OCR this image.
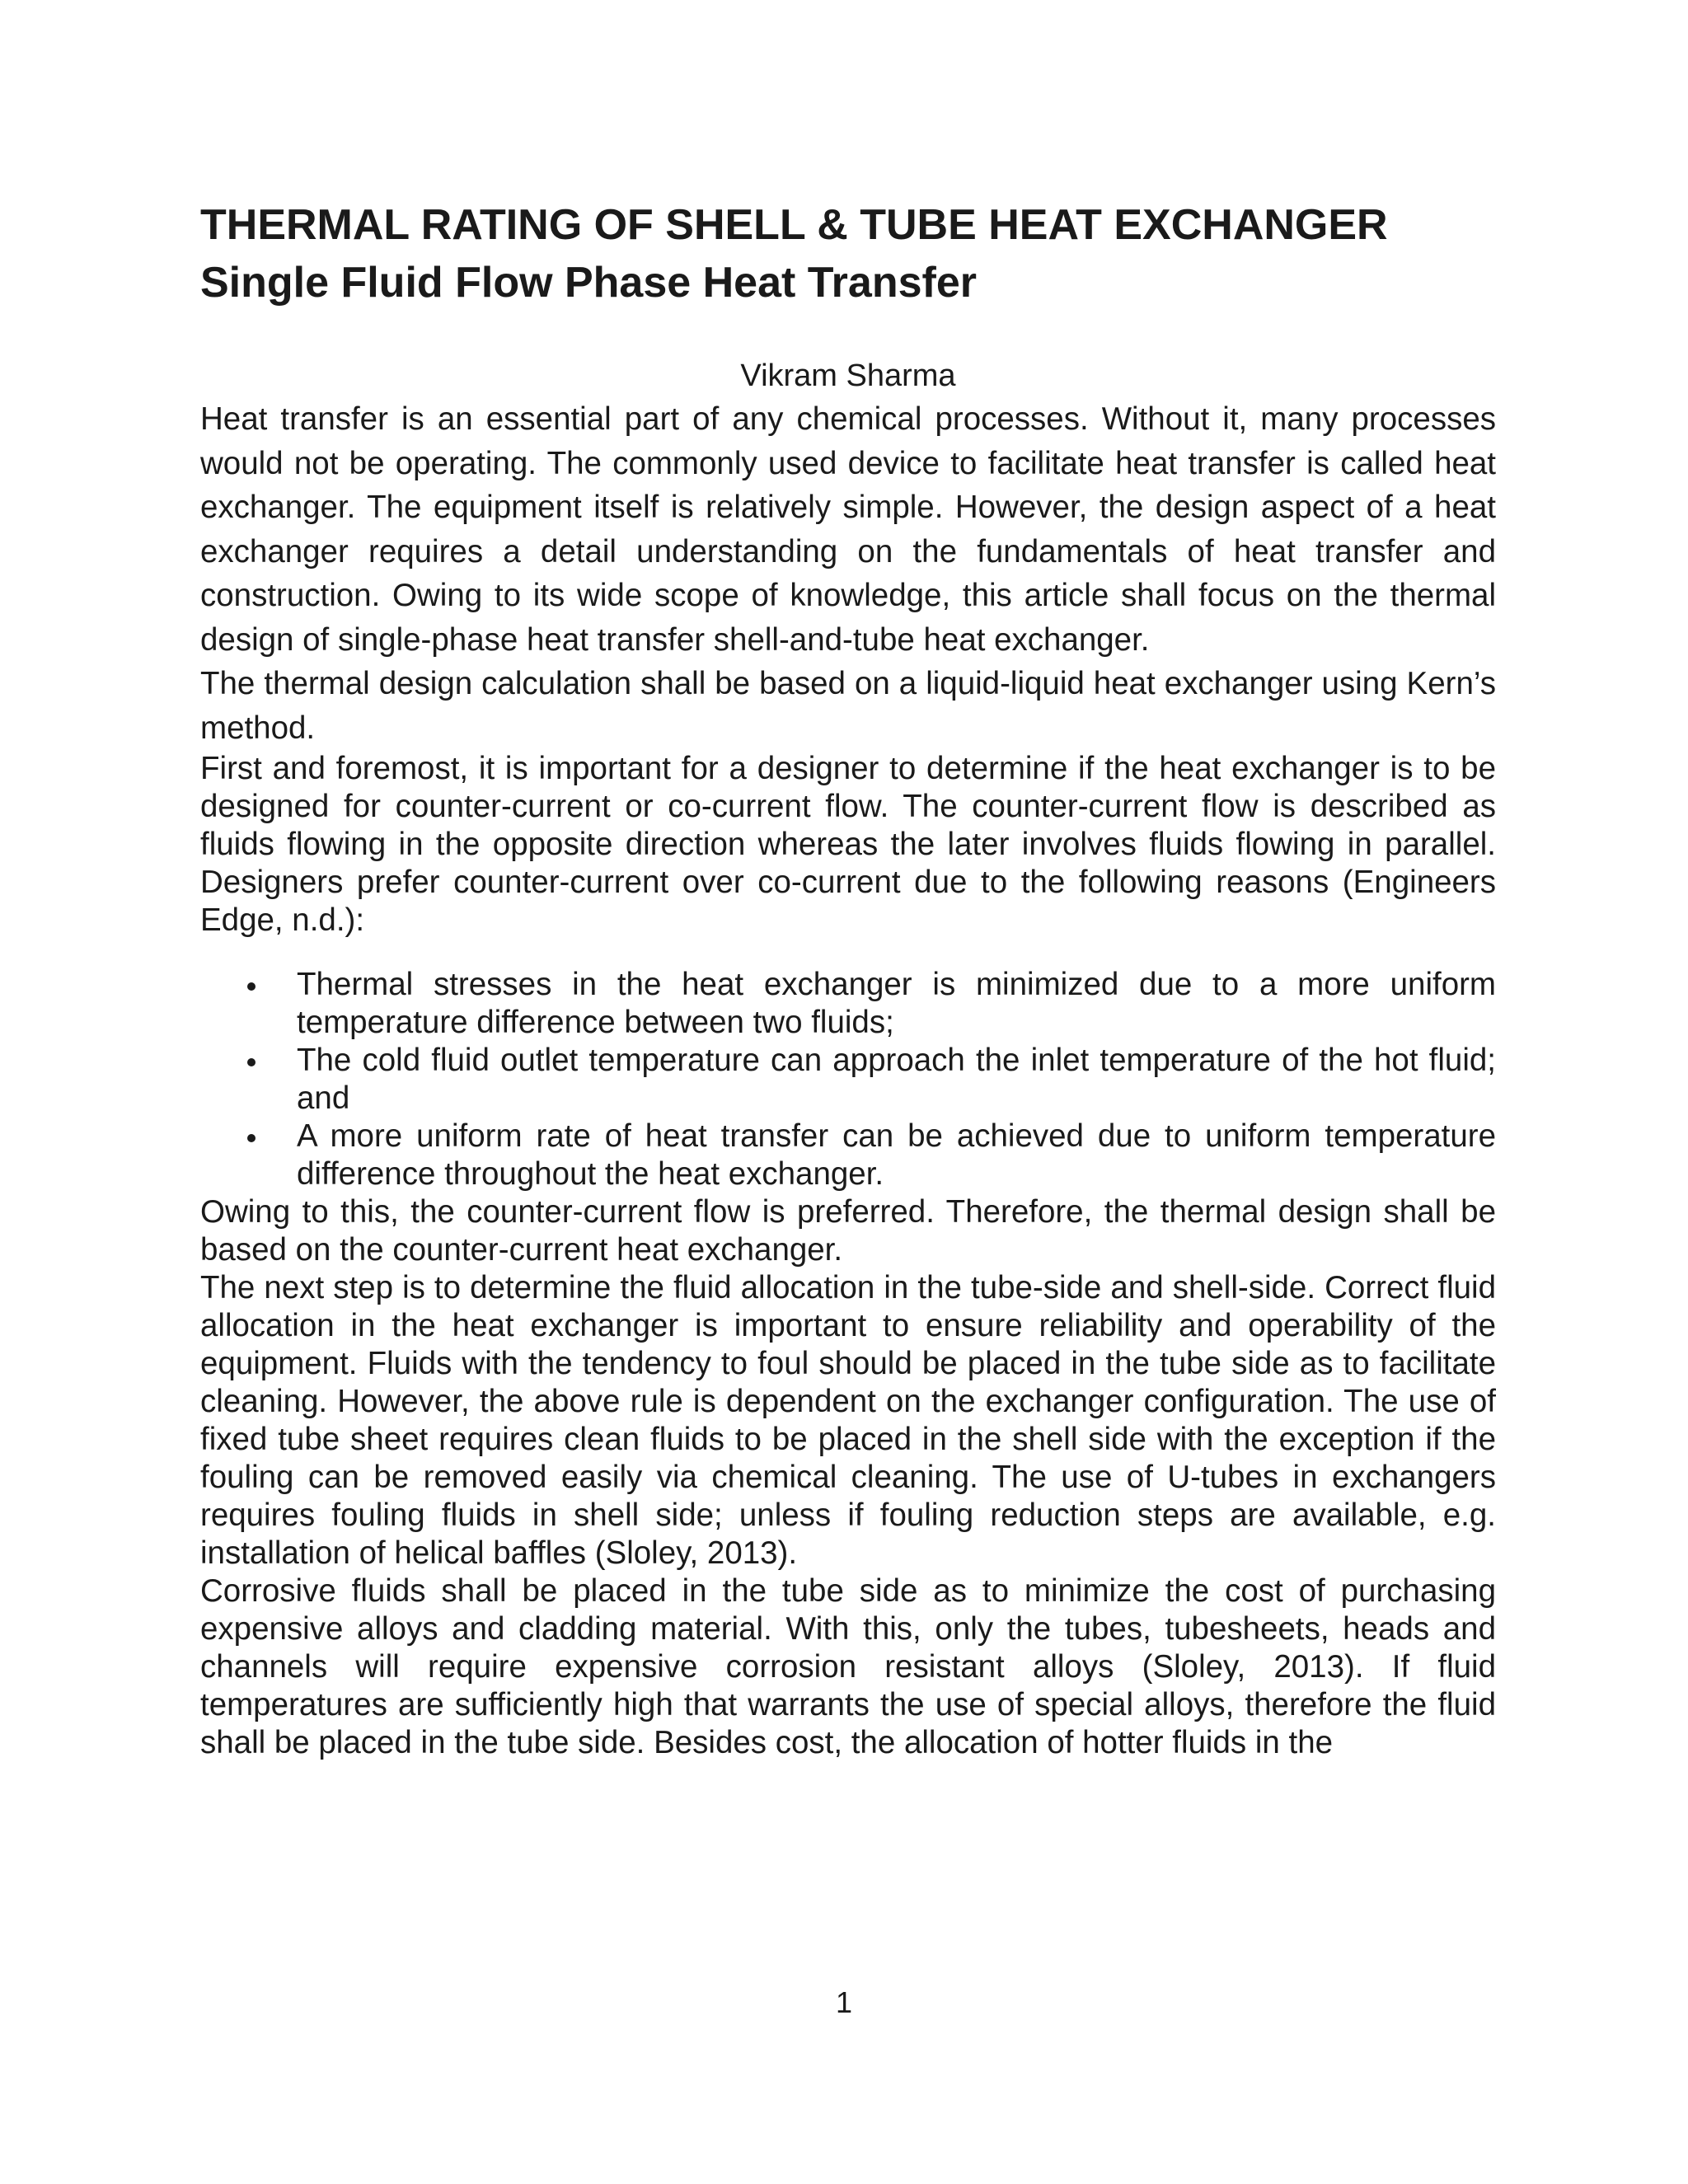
THERMAL RATING OF SHELL & TUBE HEAT EXCHANGER
Single Fluid Flow Phase Heat Transfer
Vikram Sharma

Heat transfer is an essential part of any chemical processes. Without it, many processes would not be operating. The commonly used device to facilitate heat transfer is called heat exchanger. The equipment itself is relatively simple. However, the design aspect of a heat exchanger requires a detail understanding on the fundamentals of heat transfer and construction. Owing to its wide scope of knowledge, this article shall focus on the thermal design of single-phase heat transfer shell-and-tube heat exchanger.

The thermal design calculation shall be based on a liquid-liquid heat exchanger using Kern’s method.

First and foremost, it is important for a designer to determine if the heat exchanger is to be designed for counter-current or co-current flow. The counter-current flow is described as fluids flowing in the opposite direction whereas the later involves fluids flowing in parallel. Designers prefer counter-current over co-current due to the following reasons (Engineers Edge, n.d.):

Thermal stresses in the heat exchanger is minimized due to a more uniform temperature difference between two fluids;
The cold fluid outlet temperature can approach the inlet temperature of the hot fluid; and
A more uniform rate of heat transfer can be achieved due to uniform temperature difference throughout the heat exchanger.

Owing to this, the counter-current flow is preferred. Therefore, the thermal design shall be based on the counter-current heat exchanger.

The next step is to determine the fluid allocation in the tube-side and shell-side. Correct fluid allocation in the heat exchanger is important to ensure reliability and operability of the equipment. Fluids with the tendency to foul should be placed in the tube side as to facilitate cleaning. However, the above rule is dependent on the exchanger configuration. The use of fixed tube sheet requires clean fluids to be placed in the shell side with the exception if the fouling can be removed easily via chemical cleaning. The use of U-tubes in exchangers requires fouling fluids in shell side; unless if fouling reduction steps are available, e.g. installation of helical baffles (Sloley, 2013).

Corrosive fluids shall be placed in the tube side as to minimize the cost of purchasing expensive alloys and cladding material. With this, only the tubes, tubesheets, heads and channels will require expensive corrosion resistant alloys (Sloley, 2013). If fluid temperatures are sufficiently high that warrants the use of special alloys, therefore the fluid shall be placed in the tube side. Besides cost, the allocation of hotter fluids in the

1
